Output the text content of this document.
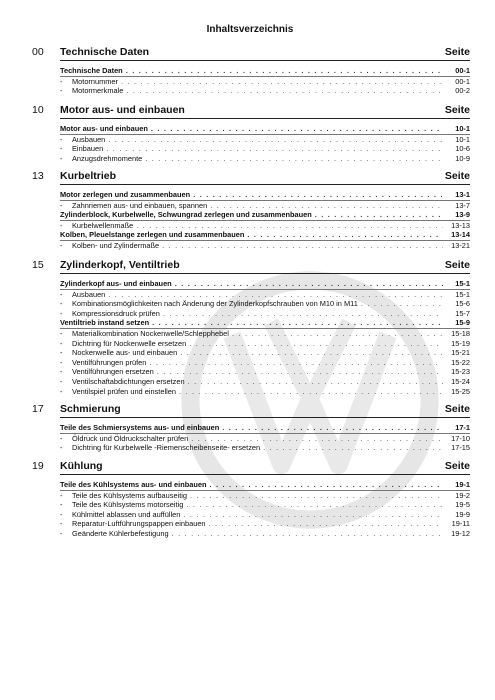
Inhaltsverzeichnis
00 Technische Daten	Seite
Technische Daten . . .	00-1
-	Motornummer . . .	00-1
-	Motormerkmale . . .	00-2
10 Motor aus- und einbauen	Seite
Motor aus- und einbauen . . .	10-1
-	Ausbauen . . .	10-1
-	Einbauen . . .	10-6
-	Anzugsdrehmomente . . .	10-9
13 Kurbeltrieb	Seite
Motor zerlegen und zusammenbauen . . .	13-1
-	Zahnriemen aus- und einbauen, spannen . . .	13-7
Zylinderblock, Kurbelwelle, Schwungrad zerlegen und zusammenbauen . . .	13-9
-	Kurbelwellenmaße . . .	13-13
Kolben, Pleuelstange zerlegen und zusammenbauen . . .	13-14
-	Kolben- und Zylindermaße . . .	13-21
15 Zylinderkopf, Ventiltrieb	Seite
Zylinderkopf aus- und einbauen . . .	15-1
-	Ausbauen . . .	15-1
-	Kombinationsmöglichkeiten nach Änderung der Zylinderkopfschrauben von M10 in M11 . . .	15-6
-	Kompressionsdruck prüfen . . .	15-7
Ventiltrieb instand setzen . . .	15-9
-	Materialkombination Nockenwelle/Schlepphebel . . .	15-18
-	Dichtring für Nockenwelle ersetzen . . .	15-19
-	Nockenwelle aus- und einbauen . . .	15-21
-	Ventilführungen prüfen . . .	15-22
-	Ventilführungen ersetzen . . .	15-23
-	Ventilschaftabdichtungen ersetzen . . .	15-24
-	Ventilspiel prüfen und einstellen . . .	15-25
17 Schmierung	Seite
Teile des Schmiersystems aus- und einbauen . . .	17-1
-	Öldruck und Öldruckschalter prüfen . . .	17-10
-	Dichtring für Kurbelwelle -Riemenscheibenseite- ersetzen . . .	17-15
19 Kühlung	Seite
Teile des Kühlsystems aus- und einbauen . . .	19-1
-	Teile des Kühlsystems aufbauseitig . . .	19-2
-	Teile des Kühlsystems motorseitig . . .	19-5
-	Kühlmittel ablassen und auffüllen . . .	19-9
-	Reparatur-Luftführungspappen einbauen . . .	19-11
-	Geänderte Kühlerbefestigung . . .	19-12
